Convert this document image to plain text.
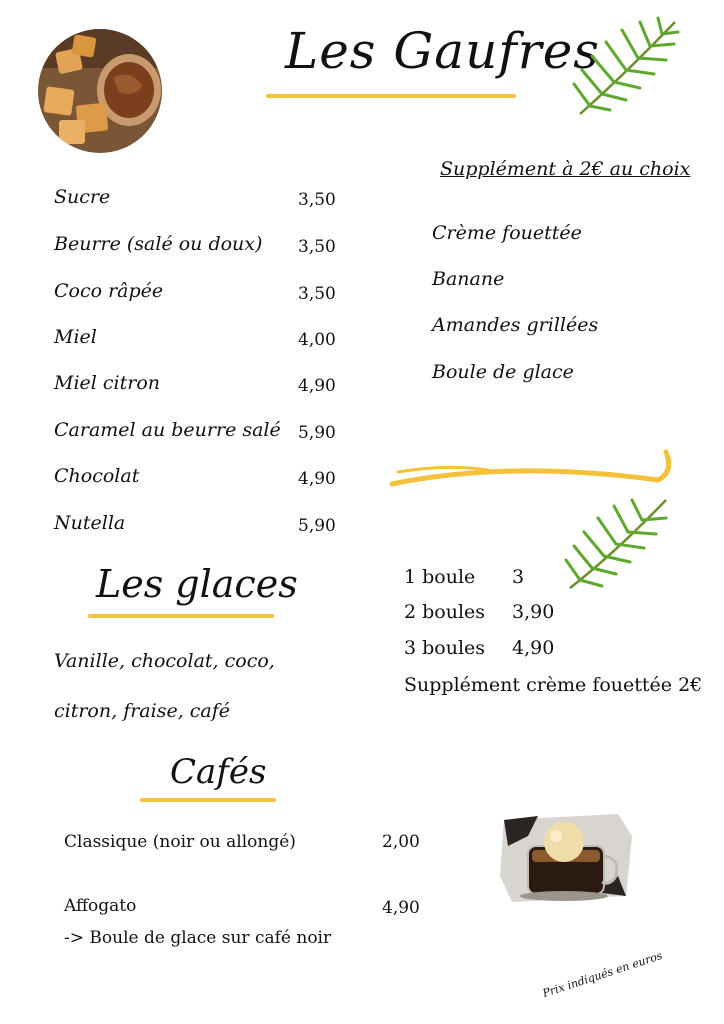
Les Gaufres
Sucre	3,50
Beurre (salé ou doux) 3,50
Coco râpée	3,50
Miel	4,00
Miel citron	4,90
Caramel au beurre salé 5,90
Chocolat	4,90
Nutella	5,90
Supplément à 2€ au choix
Crème fouettée
Banane
Amandes grillées
Boule de glace
Les glaces
Vanille, chocolat, coco,
citron, fraise, café
1 boule 3
2 boules 3,90
3 boules 4,90
Supplément crème fouettée 2€
Cafés
Classique (noir ou allongé)	2,00
Affogato	4,90
-> Boule de glace sur café noir
Prix indiqués en euros
